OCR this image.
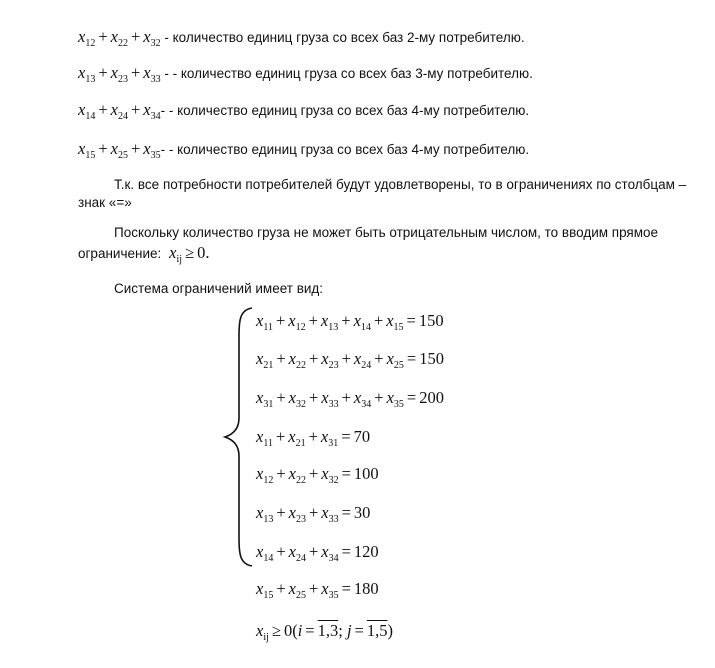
$x_{12} + x_{22} + x_{32}$ - количество единиц груза со всех баз 2-му потребителю.
$x_{13} + x_{23} + x_{33}$ - - количество единиц груза со всех баз 3-му потребителю.
$x_{14} + x_{24} + x_{34}-$ - количество единиц груза со всех баз 4-му потребителю.
$x_{15} + x_{25} + x_{35}-$ - количество единиц груза со всех баз 4-му потребителю.
Т.к. все потребности потребителей будут удовлетворены, то в ограничениях по столбцам –
знак «=»
Поскольку количество груза не может быть отрицательным числом, то вводим прямое
ограничение:  $x_{ij} \ge 0$.
Система ограничений имеет вид:
$x_{11} + x_{12} + x_{13} + x_{14} + x_{15} = 150$
$x_{21} + x_{22} + x_{23} + x_{24} + x_{25} = 150$
$x_{31} + x_{32} + x_{33} + x_{34} + x_{35} = 200$
$x_{11} + x_{21} + x_{31} = 70$
$x_{12} + x_{22} + x_{32} = 100$
$x_{13} + x_{23} + x_{33} = 30$
$x_{14} + x_{24} + x_{34} = 120$
$x_{15} + x_{25} + x_{35} = 180$
$x_{ij} \ge 0(i = 1,3$; j = 1,5)
